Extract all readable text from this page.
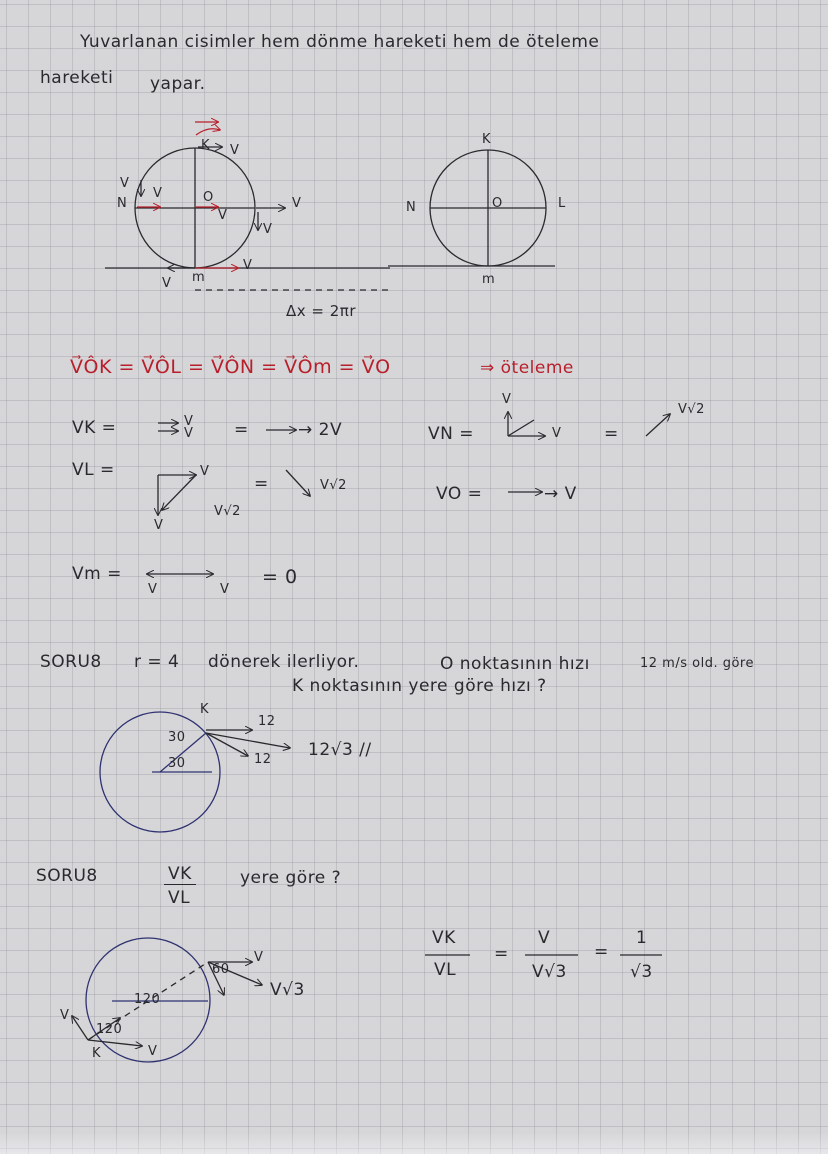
Yuvarlanan cisimler hem dönme hareketi hem de öteleme
hareketi yapar.
N	O
K
m
V
V
V
V
V
V
V
V
Δx = 2πr
K
N	O	L
m
V⃗ÔK = V⃗ÔL = V⃗ÔN = V⃗Ôm = V⃗O	⇒ öteleme
VK =	V
V =	→ 2V	VN =
V
V	=
V√2
VL =	V
V
V√2
=	V√2	VO =	→ V
Vm =
V	V
= 0
SORU8 r = 4 dönerek ilerliyor.	O noktasının hızı	12 m/s old. göre
K noktasının yere göre hızı ?
K
30
30
12
12 12√3 //
SORU8	VK
VL
yere göre ?
60
120
120
V√3
V
V
V
K
VK
VL
=
V
V√3
=
1
√3
